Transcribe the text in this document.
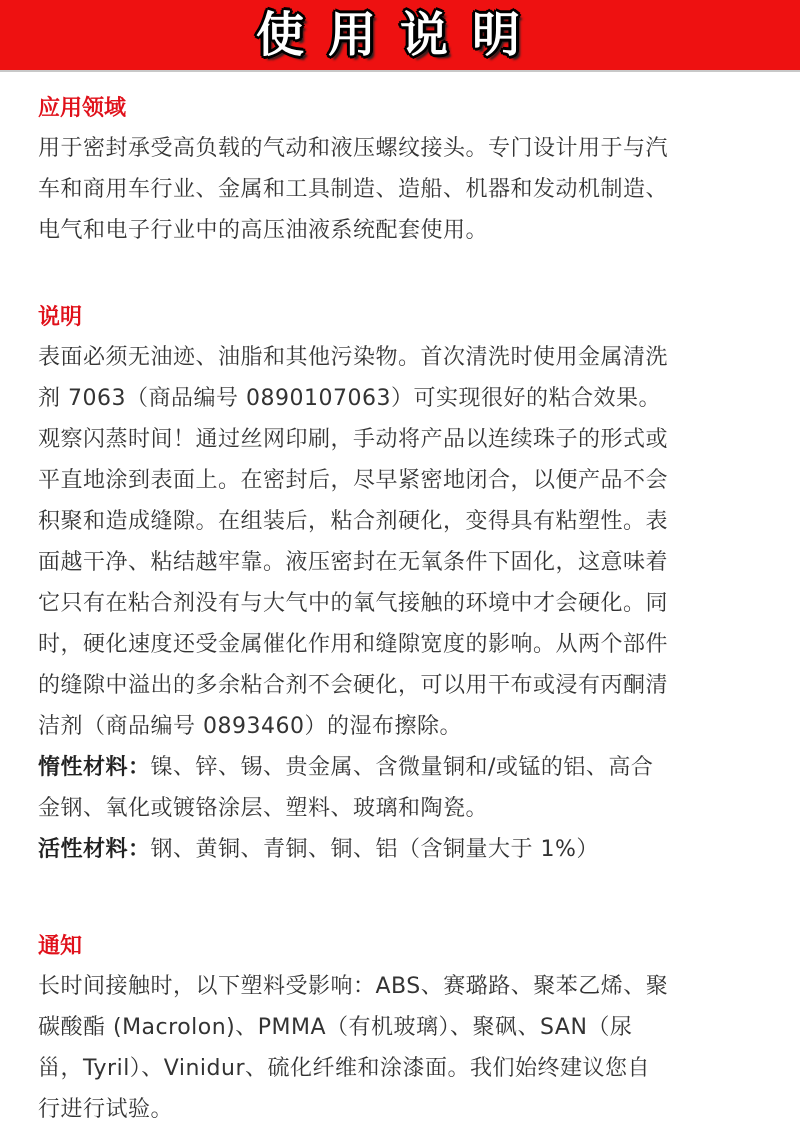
使用说明

应用领域

用于密封承受高负载的气动和液压螺纹接头。专门设计用于与汽

车和商用车行业、金属和工具制造、造船、机器和发动机制造、

电气和电子行业中的高压油液系统配套使用。

说明

表面必须无油迹、油脂和其他污染物。首次清洗时使用金属清洗

剂 7063（商品编号 0890107063）可实现很好的粘合效果。

观察闪蒸时间！通过丝网印刷，手动将产品以连续珠子的形式或

平直地涂到表面上。在密封后，尽早紧密地闭合，以便产品不会

积聚和造成缝隙。在组装后，粘合剂硬化，变得具有粘塑性。表

面越干净、粘结越牢靠。液压密封在无氧条件下固化，这意味着

它只有在粘合剂没有与大气中的氧气接触的环境中才会硬化。同

时，硬化速度还受金属催化作用和缝隙宽度的影响。从两个部件

的缝隙中溢出的多余粘合剂不会硬化，可以用干布或浸有丙酮清

洁剂（商品编号 0893460）的湿布擦除。

惰性材料：镍、锌、锡、贵金属、含微量铜和/或锰的铝、高合

金钢、氧化或镀铬涂层、塑料、玻璃和陶瓷。

活性材料：钢、黄铜、青铜、铜、铝（含铜量大于 1%）

通知

长时间接触时，以下塑料受影响：ABS、赛璐路、聚苯乙烯、聚

碳酸酯 (Macrolon)、PMMA（有机玻璃）、聚砜、SAN（尿

甾，Tyril）、Vinidur、硫化纤维和涂漆面。我们始终建议您自

行进行试验。
